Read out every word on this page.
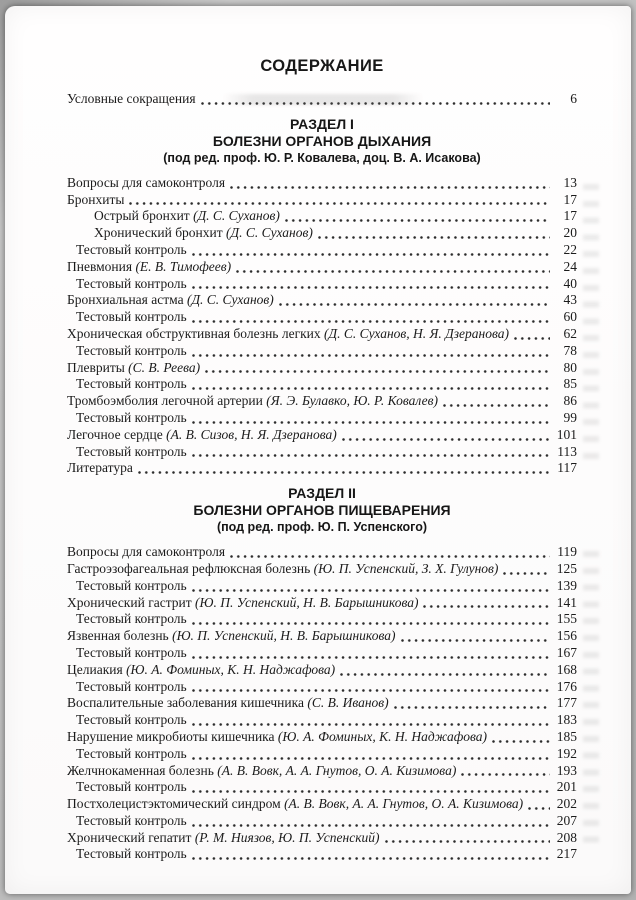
СОДЕРЖАНИЕ
Условные сокращения	6
РАЗДЕЛ I
БОЛЕЗНИ ОРГАНОВ ДЫХАНИЯ
(под ред. проф. Ю. Р. Ковалева, доц. В. А. Исакова)
Вопросы для самоконтроля	13
Бронхиты	17
Острый бронхит (Д. С. Суханов)	17
Хронический бронхит (Д. С. Суханов)	20
Тестовый контроль	22
Пневмония (Е. В. Тимофеев)	24
Тестовый контроль	40
Бронхиальная астма (Д. С. Суханов)	43
Тестовый контроль	60
Хроническая обструктивная болезнь легких (Д. С. Суханов, Н. Я. Дзеранова)	62
Тестовый контроль	78
Плевриты (С. В. Реева)	80
Тестовый контроль	85
Тромбоэмболия легочной артерии (Я. Э. Булавко, Ю. Р. Ковалев)	86
Тестовый контроль	99
Легочное сердце (А. В. Сизов, Н. Я. Дзеранова)	101
Тестовый контроль	113
Литература	117
РАЗДЕЛ II
БОЛЕЗНИ ОРГАНОВ ПИЩЕВАРЕНИЯ
(под ред. проф. Ю. П. Успенского)
Вопросы для самоконтроля	119
Гастроэзофагеальная рефлюксная болезнь (Ю. П. Успенский, З. Х. Гулунов)	125
Тестовый контроль	139
Хронический гастрит (Ю. П. Успенский, Н. В. Барышникова)	141
Тестовый контроль	155
Язвенная болезнь (Ю. П. Успенский, Н. В. Барышникова)	156
Тестовый контроль	167
Целиакия (Ю. А. Фоминых, К. Н. Наджафова)	168
Тестовый контроль	176
Воспалительные заболевания кишечника (С. В. Иванов)	177
Тестовый контроль	183
Нарушение микробиоты кишечника (Ю. А. Фоминых, К. Н. Наджафова)	185
Тестовый контроль	192
Желчнокаменная болезнь (А. В. Вовк, А. А. Гнутов, О. А. Кизимова)	193
Тестовый контроль	201
Постхолецистэктомический синдром (А. В. Вовк, А. А. Гнутов, О. А. Кизимова) 202
Тестовый контроль	207
Хронический гепатит (Р. М. Ниязов, Ю. П. Успенский)	208
Тестовый контроль	217
